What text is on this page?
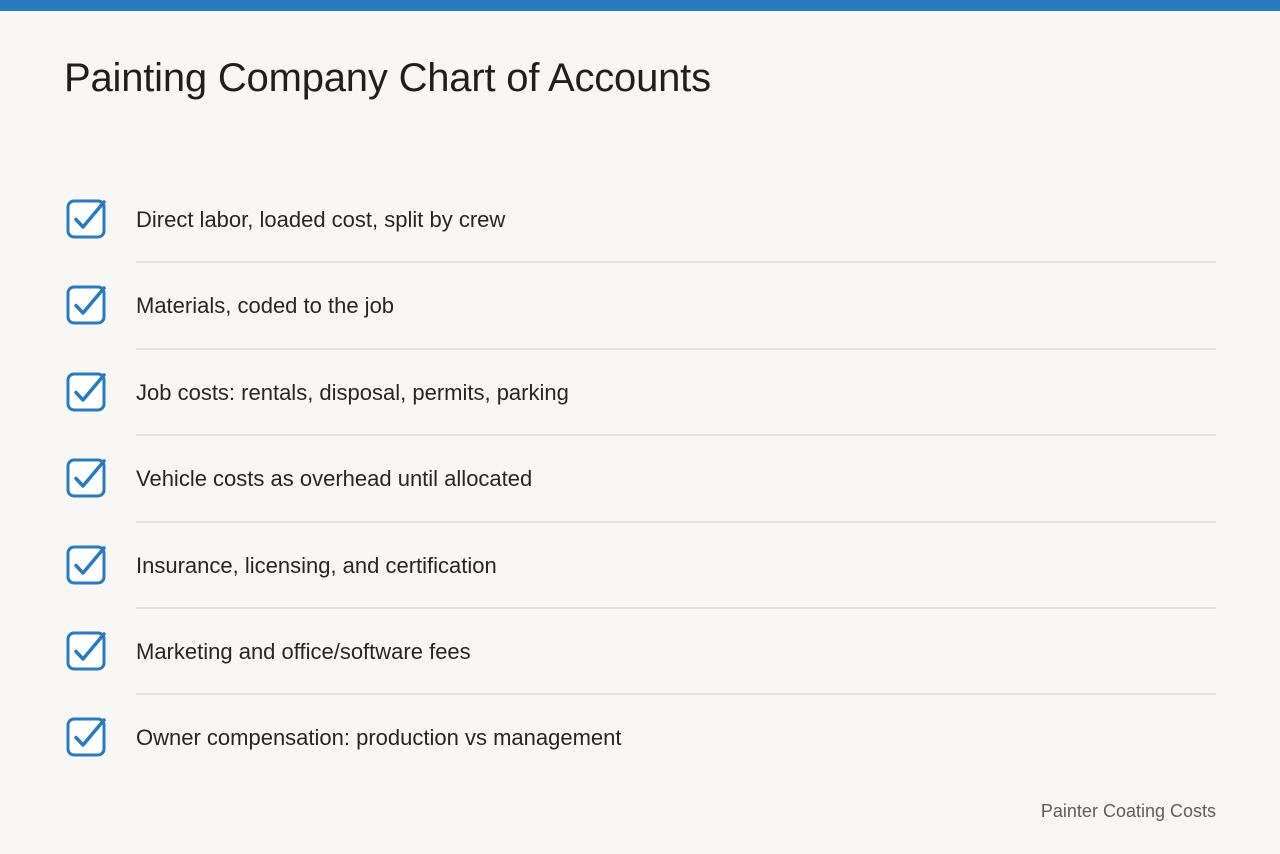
Painting Company Chart of Accounts
Direct labor, loaded cost, split by crew
Materials, coded to the job
Job costs: rentals, disposal, permits, parking
Vehicle costs as overhead until allocated
Insurance, licensing, and certification
Marketing and office/software fees
Owner compensation: production vs management
Painter Coating Costs
